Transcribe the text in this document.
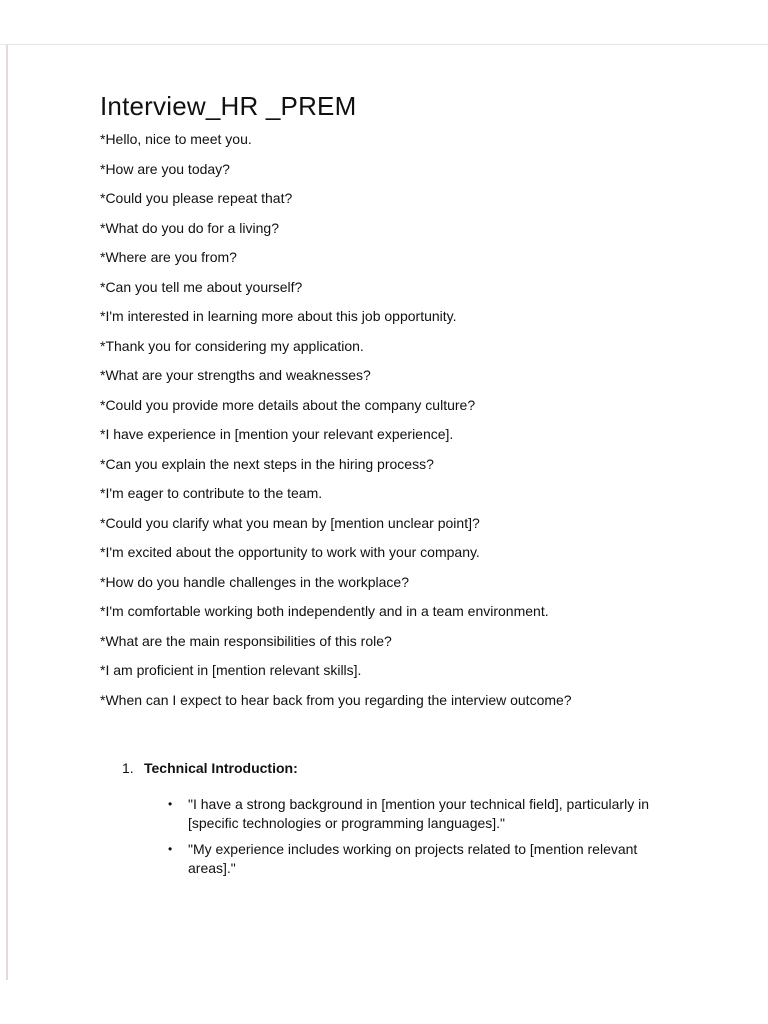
Interview_HR _PREM
*Hello, nice to meet you.
*How are you today?
*Could you please repeat that?
*What do you do for a living?
*Where are you from?
*Can you tell me about yourself?
*I'm interested in learning more about this job opportunity.
*Thank you for considering my application.
*What are your strengths and weaknesses?
*Could you provide more details about the company culture?
*I have experience in [mention your relevant experience].
*Can you explain the next steps in the hiring process?
*I'm eager to contribute to the team.
*Could you clarify what you mean by [mention unclear point]?
*I'm excited about the opportunity to work with your company.
*How do you handle challenges in the workplace?
*I'm comfortable working both independently and in a team environment.
*What are the main responsibilities of this role?
*I am proficient in [mention relevant skills].
*When can I expect to hear back from you regarding the interview outcome?

1. Technical Introduction:

• "I have a strong background in [mention your technical field], particularly in [specific technologies or programming languages]."
• "My experience includes working on projects related to [mention relevant areas]."
